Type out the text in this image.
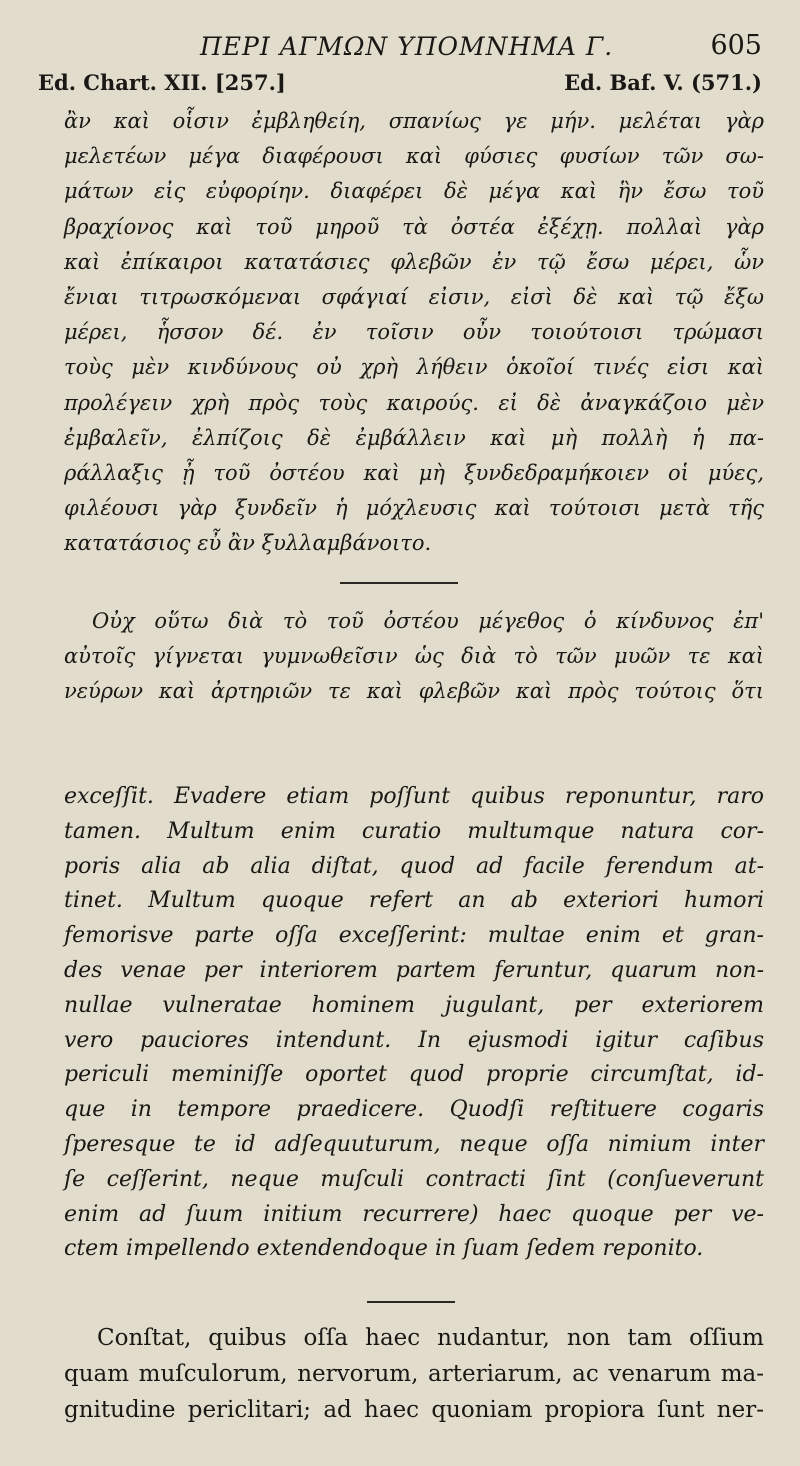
ΠΕΡΙ ΑΓΜΩΝ ΥΠΟΜΝΗΜΑ Γ.	605
Ed. Chart. XII. [257.]	Ed. Baf. V. (571.)
ἂν καὶ οἷσιν ἐμβληθείη, σπανίως γε μήν. μελέται γὰρ
μελετέων μέγα διαφέρουσι καὶ φύσιες φυσίων τῶν σω-
μάτων εἰς εὐφορίην. διαφέρει δὲ μέγα καὶ ἣν ἔσω τοῦ
βραχίονος καὶ τοῦ μηροῦ τὰ ὀστέα ἐξέχῃ. πολλαὶ γὰρ
καὶ ἐπίκαιροι κατατάσιες φλεβῶν ἐν τῷ ἔσω μέρει, ὧν
ἔνιαι τιτρωσκόμεναι σφάγιαί εἰσιν, εἰσὶ δὲ καὶ τῷ ἔξω
μέρει, ἧσσον δέ. ἐν τοῖσιν οὖν τοιούτοισι τρώμασι
τοὺς μὲν κινδύνους οὐ χρὴ λήθειν ὁκοῖοί τινές εἰσι καὶ
προλέγειν χρὴ πρὸς τοὺς καιρούς. εἰ δὲ ἀναγκάζοιο μὲν
ἐμβαλεῖν, ἐλπίζοις δὲ ἐμβάλλειν καὶ μὴ πολλὴ ἡ πα-
ράλλαξις ᾖ τοῦ ὀστέου καὶ μὴ ξυνδεδραμήκοιεν οἱ μύες,
φιλέουσι γὰρ ξυνδεῖν ἡ μόχλευσις καὶ τούτοισι μετὰ τῆς
κατατάσιος εὖ ἂν ξυλλαμβάνοιτο.
Οὐχ οὕτω διὰ τὸ τοῦ ὀστέου μέγεθος ὁ κίνδυνος ἐπ'
αὐτοῖς γίγνεται γυμνωθεῖσιν ὡς διὰ τὸ τῶν μυῶν τε καὶ
νεύρων καὶ ἀρτηριῶν τε καὶ φλεβῶν καὶ πρὸς τούτοις ὅτι
exceſſit. Evadere etiam poſſunt quibus reponuntur, raro
tamen. Multum enim curatio multumque natura cor-
poris alia ab alia diſtat, quod ad facile ferendum at-
tinet. Multum quoque refert an ab exteriori humori
femorisve parte oſſa exceſſerint: multae enim et gran-
des venae per interiorem partem feruntur, quarum non-
nullae vulneratae hominem jugulant, per exteriorem
vero pauciores intendunt. In ejusmodi igitur caſibus
periculi meminiſſe oportet quod proprie circumſtat, id-
que in tempore praedicere. Quodſi reſtituere cogaris
ſperesque te id adſequuturum, neque oſſa nimium inter
ſe ceſſerint, neque muſculi contracti ſint (conſueverunt
enim ad ſuum initium recurrere) haec quoque per ve-
ctem impellendo extendendoque in ſuam ſedem reponito.
Conſtat, quibus oſſa haec nudantur, non tam oſſium
quam muſculorum, nervorum, arteriarum, ac venarum ma-
gnitudine periclitari; ad haec quoniam propiora ſunt ner-
